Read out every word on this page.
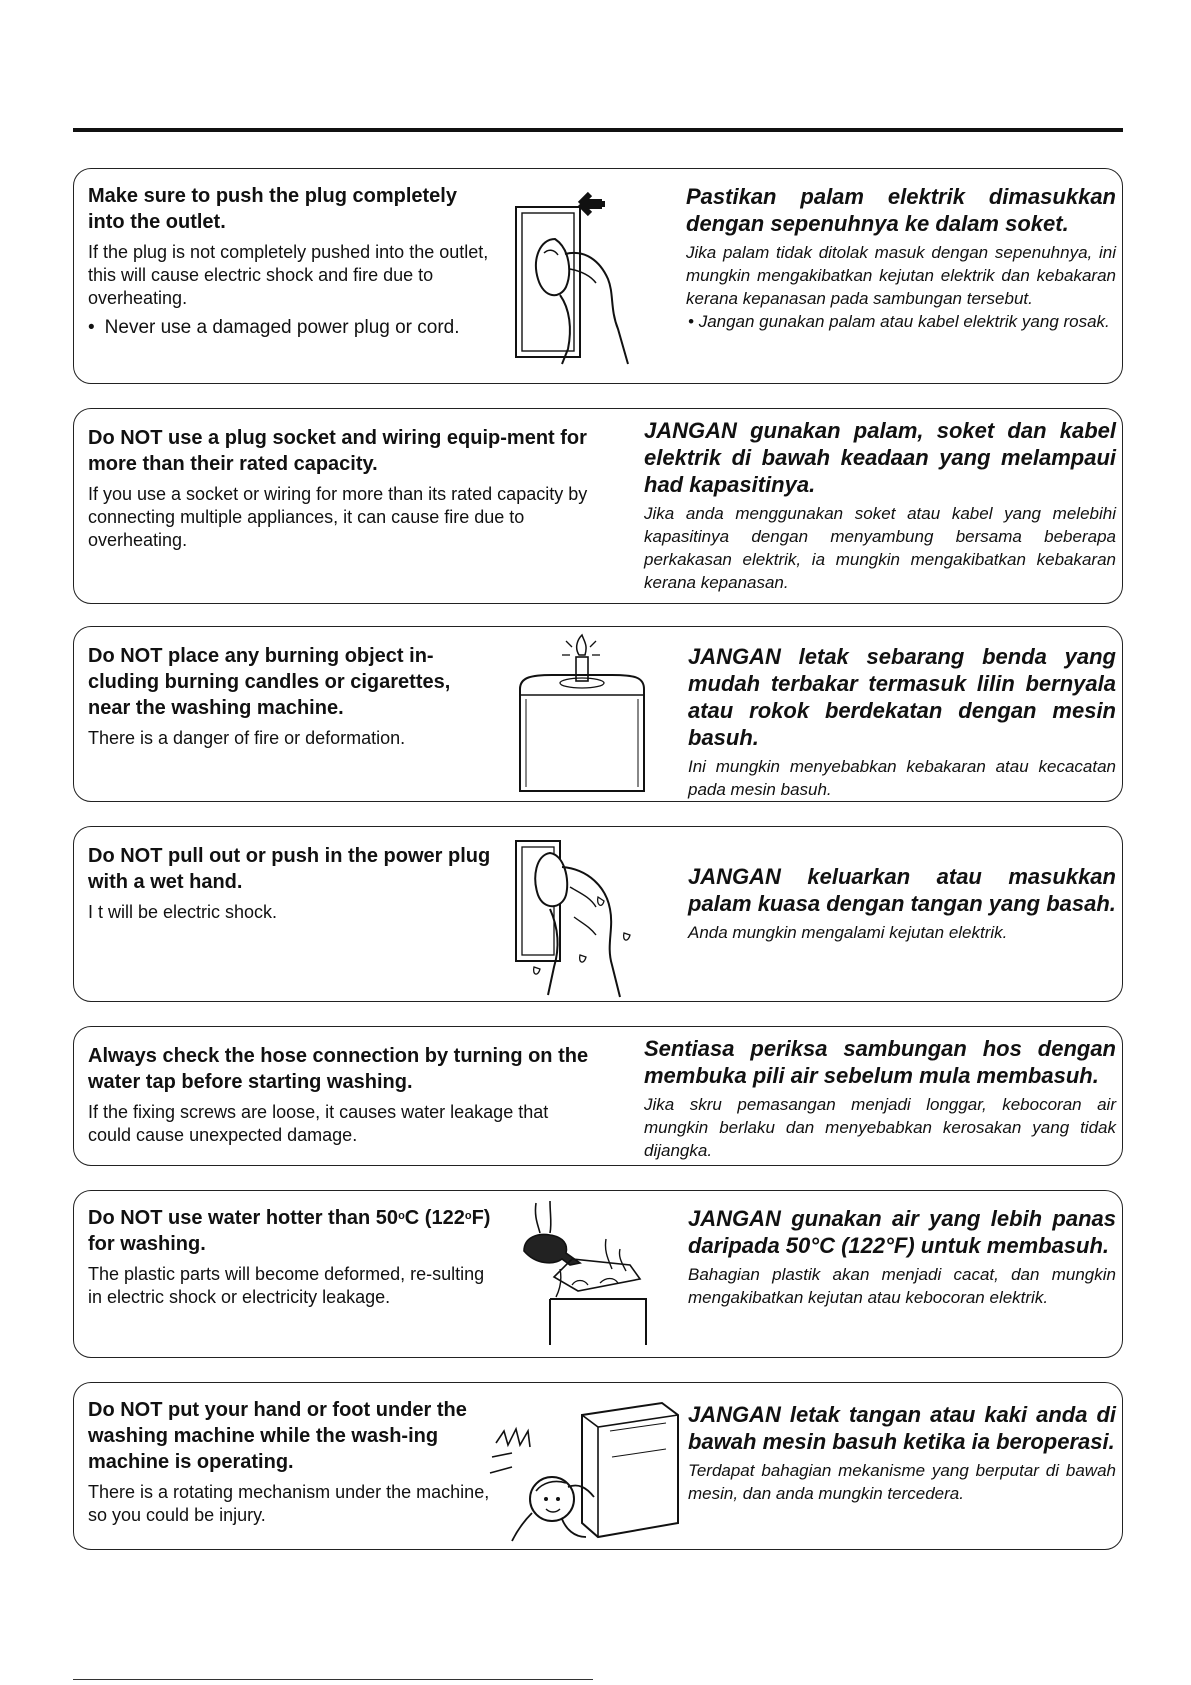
Make sure to push the plug completely into the outlet.

If the plug is not completely pushed into the outlet, this will cause electric shock and fire due to overheating.

• Never use a damaged power plug or cord.

Pastikan palam elektrik dimasukkan dengan sepenuhnya ke dalam soket.

Jika palam tidak ditolak masuk dengan sepenuhnya, ini mungkin mengakibatkan kejutan elektrik dan kebakaran kerana kepanasan pada sambungan tersebut.

• Jangan gunakan palam atau kabel elektrik yang rosak.

Do NOT use a plug socket and wiring equip-ment for more than their rated capacity.

If you use a socket or wiring for more than its rated capacity by connecting multiple appliances, it can cause fire due to overheating.

JANGAN gunakan palam, soket dan kabel elektrik di bawah keadaan yang melampaui had kapasitinya.

Jika anda menggunakan soket atau kabel yang melebihi kapasitinya dengan menyambung bersama beberapa perkakasan elektrik, ia mungkin mengakibatkan kebakaran kerana kepanasan.

Do NOT place any burning object in-cluding burning candles or cigarettes, near the washing machine.

There is a danger of fire or deformation.

JANGAN letak sebarang benda yang mudah terbakar termasuk lilin bernyala atau rokok berdekatan dengan mesin basuh.

Ini mungkin menyebabkan kebakaran atau kecacatan pada mesin basuh.

Do NOT pull out or push in the power plug with a wet hand.

I t will be electric shock.

JANGAN keluarkan atau masukkan palam kuasa dengan tangan yang basah.

Anda mungkin mengalami kejutan elektrik.

Always check the hose connection by turning on the water tap before starting washing.

If the fixing screws are loose, it causes water leakage that could cause unexpected damage.

Sentiasa periksa sambungan hos dengan membuka pili air sebelum mula membasuh.

Jika skru pemasangan menjadi longgar, kebocoran air mungkin berlaku dan menyebabkan kerosakan yang tidak dijangka.

Do NOT use water hotter than 50$^o$C (122$^o$F) for washing.

The plastic parts will become deformed, re-sulting in electric shock or electricity leakage.

JANGAN gunakan air yang lebih panas daripada 50°C (122°F) untuk membasuh.

Bahagian plastik akan menjadi cacat, dan mungkin mengakibatkan kejutan atau kebocoran elektrik.

Do NOT put your hand or foot under the washing machine while the wash-ing machine is operating.

There is a rotating mechanism under the machine, so you could be injury.

JANGAN letak tangan atau kaki anda di bawah mesin basuh ketika ia beroperasi.

Terdapat bahagian mekanisme yang berputar di bawah mesin, dan anda mungkin tercedera.
